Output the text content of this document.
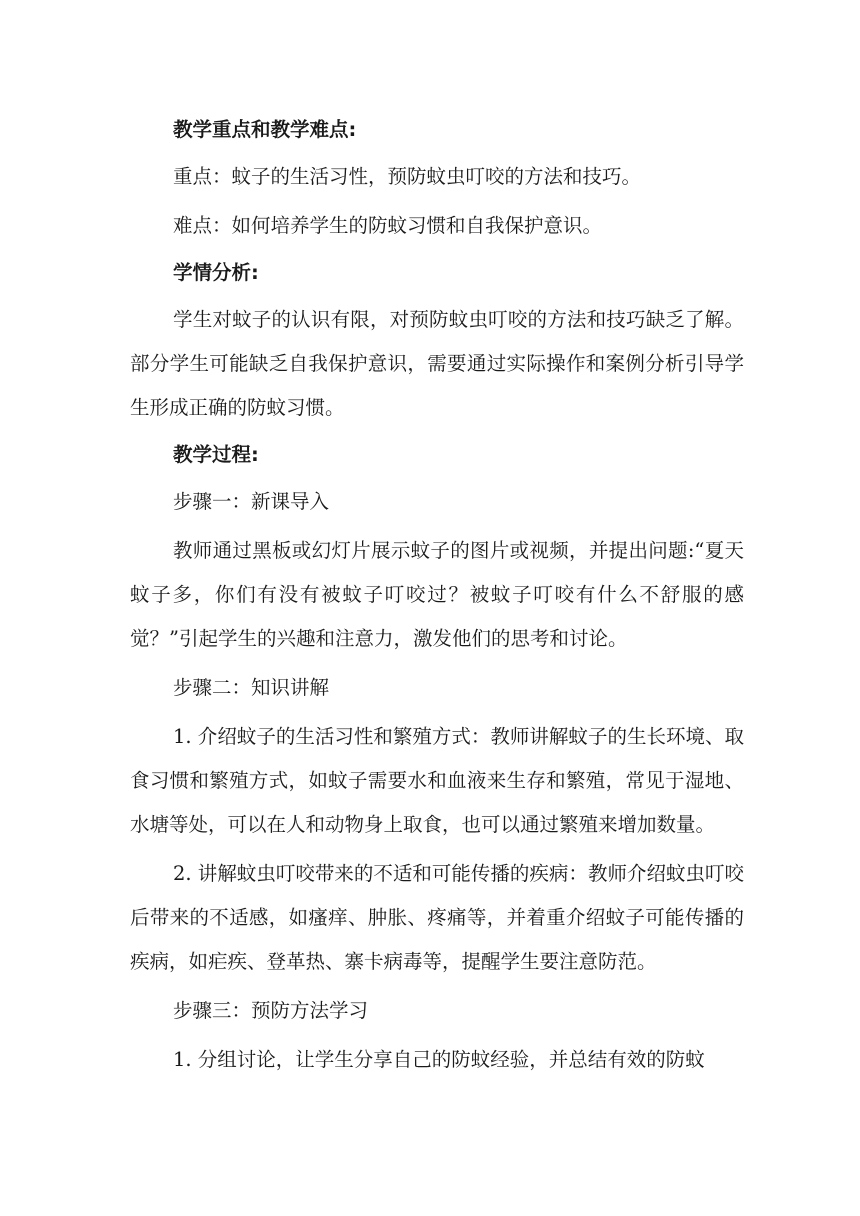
教学重点和教学难点:

重点：蚊子的生活习性，预防蚊虫叮咬的方法和技巧。

难点：如何培养学生的防蚊习惯和自我保护意识。

学情分析:

学生对蚊子的认识有限，对预防蚊虫叮咬的方法和技巧缺乏了解。部分学生可能缺乏自我保护意识，需要通过实际操作和案例分析引导学生形成正确的防蚊习惯。

教学过程:

步骤一：新课导入

教师通过黑板或幻灯片展示蚊子的图片或视频，并提出问题:“夏天蚊子多，你们有没有被蚊子叮咬过？被蚊子叮咬有什么不舒服的感觉？”引起学生的兴趣和注意力，激发他们的思考和讨论。

步骤二：知识讲解

1. 介绍蚊子的生活习性和繁殖方式：教师讲解蚊子的生长环境、取食习惯和繁殖方式，如蚊子需要水和血液来生存和繁殖，常见于湿地、水塘等处，可以在人和动物身上取食，也可以通过繁殖来增加数量。

2. 讲解蚊虫叮咬带来的不适和可能传播的疾病：教师介绍蚊虫叮咬后带来的不适感，如瘙痒、肿胀、疼痛等，并着重介绍蚊子可能传播的疾病，如疟疾、登革热、寨卡病毒等，提醒学生要注意防范。

步骤三：预防方法学习

1. 分组讨论，让学生分享自己的防蚊经验，并总结有效的防蚊
